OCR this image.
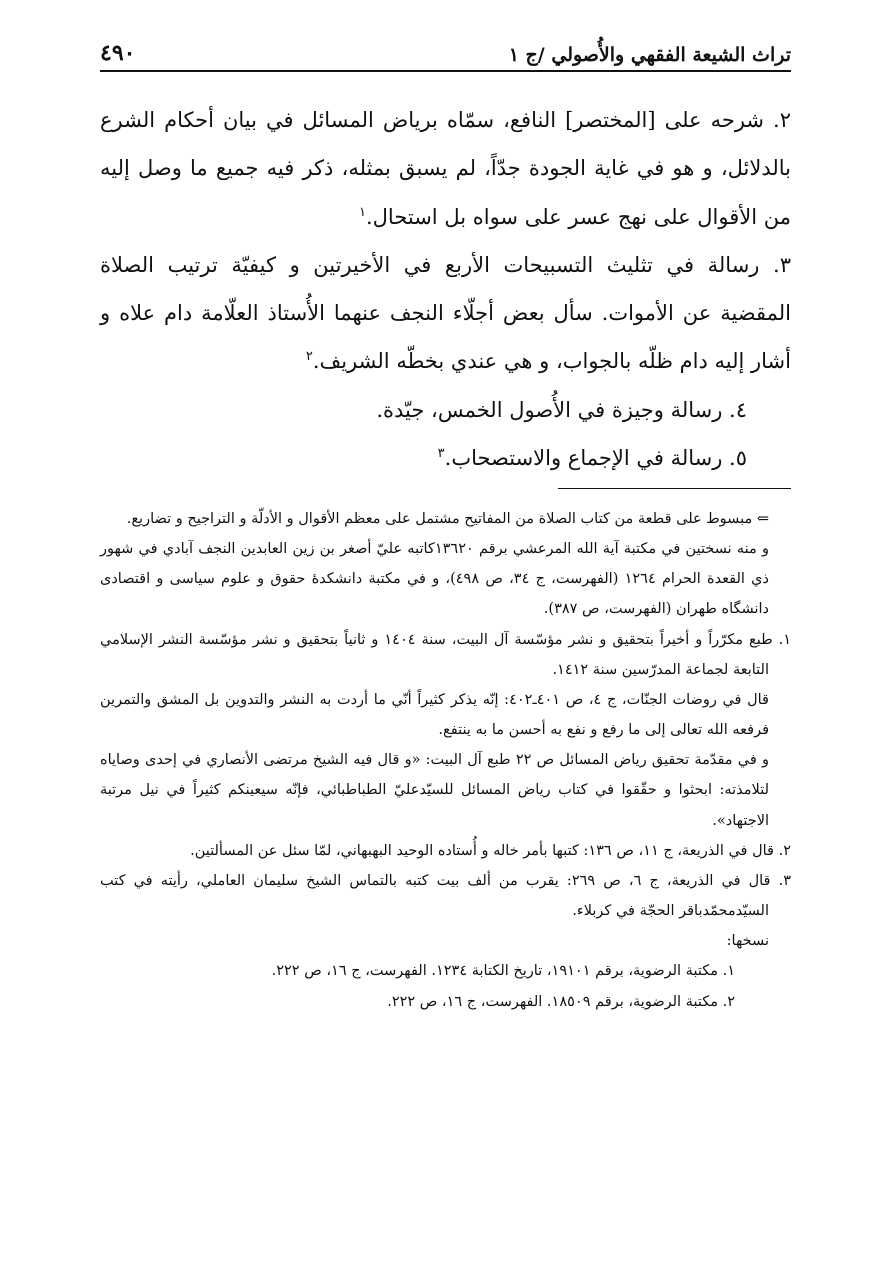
تراث الشيعة الفقهي والأُصولي /ج ١
٤٩٠

٢. شرحه على [المختصر] النافع، سمّاه برياض المسائل في بيان أحكام الشرع بالدلائل، و هو في غاية الجودة جدّاً، لم يسبق بمثله، ذكر فيه جميع ما وصل إليه من الأقوال على نهج عسر على سواه بل استحال.$^١$

٣. رسالة في تثليث التسبيحات الأربع في الأخيرتين و كيفيّة ترتيب الصلاة المقضية عن الأموات. سأل بعض أجلّاء النجف عنهما الأُستاذ العلّامة دام علاه و أشار إليه دام ظلّه بالجواب، و هي عندي بخطّه الشريف.$^٢$

٤. رسالة وجيزة في الأُصول الخمس، جيّدة.

٥. رسالة في الإجماع والاستصحاب.$^٣$

⇐ مبسوط على قطعة من كتاب الصلاة من المفاتيح مشتمل على معظم الأقوال و الأدلّة و التراجيح و تضاريع.

و منه نسختين في مكتبة آية الله المرعشي برقم ١٣٦٢٠كاتبه عليّ أصغر بن زين العابدين النجف آبادي في شهور ذي القعدة الحرام ١٢٦٤ (الفهرست، ج ٣٤، ص ٤٩٨)، و في مكتبة دانشكدهٔ حقوق و علوم سياسى و اقتصادى دانشگاه طهران (الفهرست، ص ٣٨٧).

١. طبع مكرّراً و أخيراً بتحقيق و نشر مؤسّسة آل البيت، سنة ١٤٠٤ و ثانياً بتحقيق و نشر مؤسّسة النشر الإسلامي التابعة لجماعة المدرّسين سنة ١٤١٢.

قال في روضات الجنّات، ج ٤، ص ٤٠١ـ٤٠٢: إنّه يذكر كثيراً أنّي ما أردت به النشر والتدوين بل المشق والتمرين فرفعه الله تعالى إلى ما رفع و نفع به أحسن ما به ينتفع.

و في مقدّمة تحقيق رياض المسائل ص ٢٢ طبع آل البيت: «و قال فيه الشيخ مرتضى الأنصاري في إحدى وصاياه لتلامذته: ابحثوا و حقّقوا في كتاب رياض المسائل للسيّدعليّ الطباطبائي، فإنّه سيعينكم كثيراً في نيل مرتبة الاجتهاد».

٢. قال في الذريعة، ج ١١، ص ١٣٦: كتبها بأمر خاله و أُستاده الوحيد البهبهاني، لمّا سئل عن المسألتين.

٣. قال في الذريعة، ج ٦، ص ٢٦٩: يقرب من ألف بيت كتبه بالتماس الشيخ سليمان العاملي، رأيته في كتب السيّدمحمّدباقر الحجّة في كربلاء.

نسخها:

١. مكتبة الرضوية، برقم ١٩١٠١، تاريخ الكتابة ١٢٣٤. الفهرست، ج ١٦، ص ٢٢٢.

٢. مكتبة الرضوية، برقم ١٨٥٠٩. الفهرست، ج ١٦، ص ٢٢٢.
